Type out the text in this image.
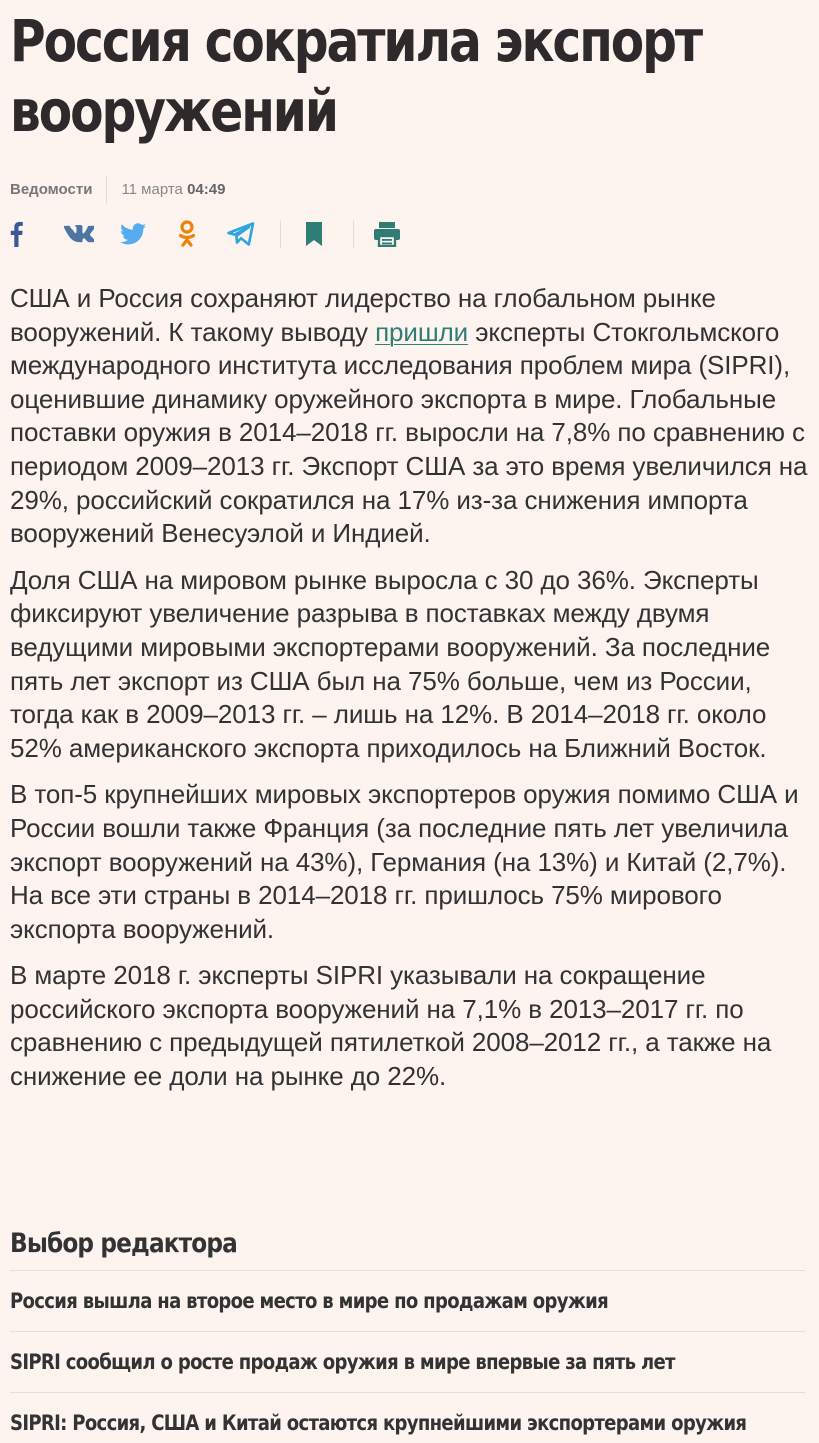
Россия сократила экспорт вооружений
Ведомости	11 марта 04:49

США и Россия сохраняют лидерство на глобальном рынке вооружений. К такому выводу пришли эксперты Стокгольмского международного института исследования проблем мира (SIPRI), оценившие динамику оружейного экспорта в мире. Глобальные поставки оружия в 2014–2018 гг. выросли на 7,8% по сравнению с периодом 2009–2013 гг. Экспорт США за это время увеличился на 29%, российский сократился на 17% из-за снижения импорта вооружений Венесуэлой и Индией.

Доля США на мировом рынке выросла с 30 до 36%. Эксперты фиксируют увеличение разрыва в поставках между двумя ведущими мировыми экспортерами вооружений. За последние пять лет экспорт из США был на 75% больше, чем из России, тогда как в 2009–2013 гг. – лишь на 12%. В 2014–2018 гг. около 52% американского экспорта приходилось на Ближний Восток.

В топ-5 крупнейших мировых экспортеров оружия помимо США и России вошли также Франция (за последние пять лет увеличила экспорт вооружений на 43%), Германия (на 13%) и Китай (2,7%). На все эти страны в 2014–2018 гг. пришлось 75% мирового экспорта вооружений.

В марте 2018 г. эксперты SIPRI указывали на сокращение российского экспорта вооружений на 7,1% в 2013–2017 гг. по сравнению с предыдущей пятилеткой 2008–2012 гг., а также на снижение ее доли на рынке до 22%.

Выбор редактора
Россия вышла на второе место в мире по продажам оружия
SIPRI сообщил о росте продаж оружия в мире впервые за пять лет
SIPRI: Россия, США и Китай остаются крупнейшими экспортерами оружия
